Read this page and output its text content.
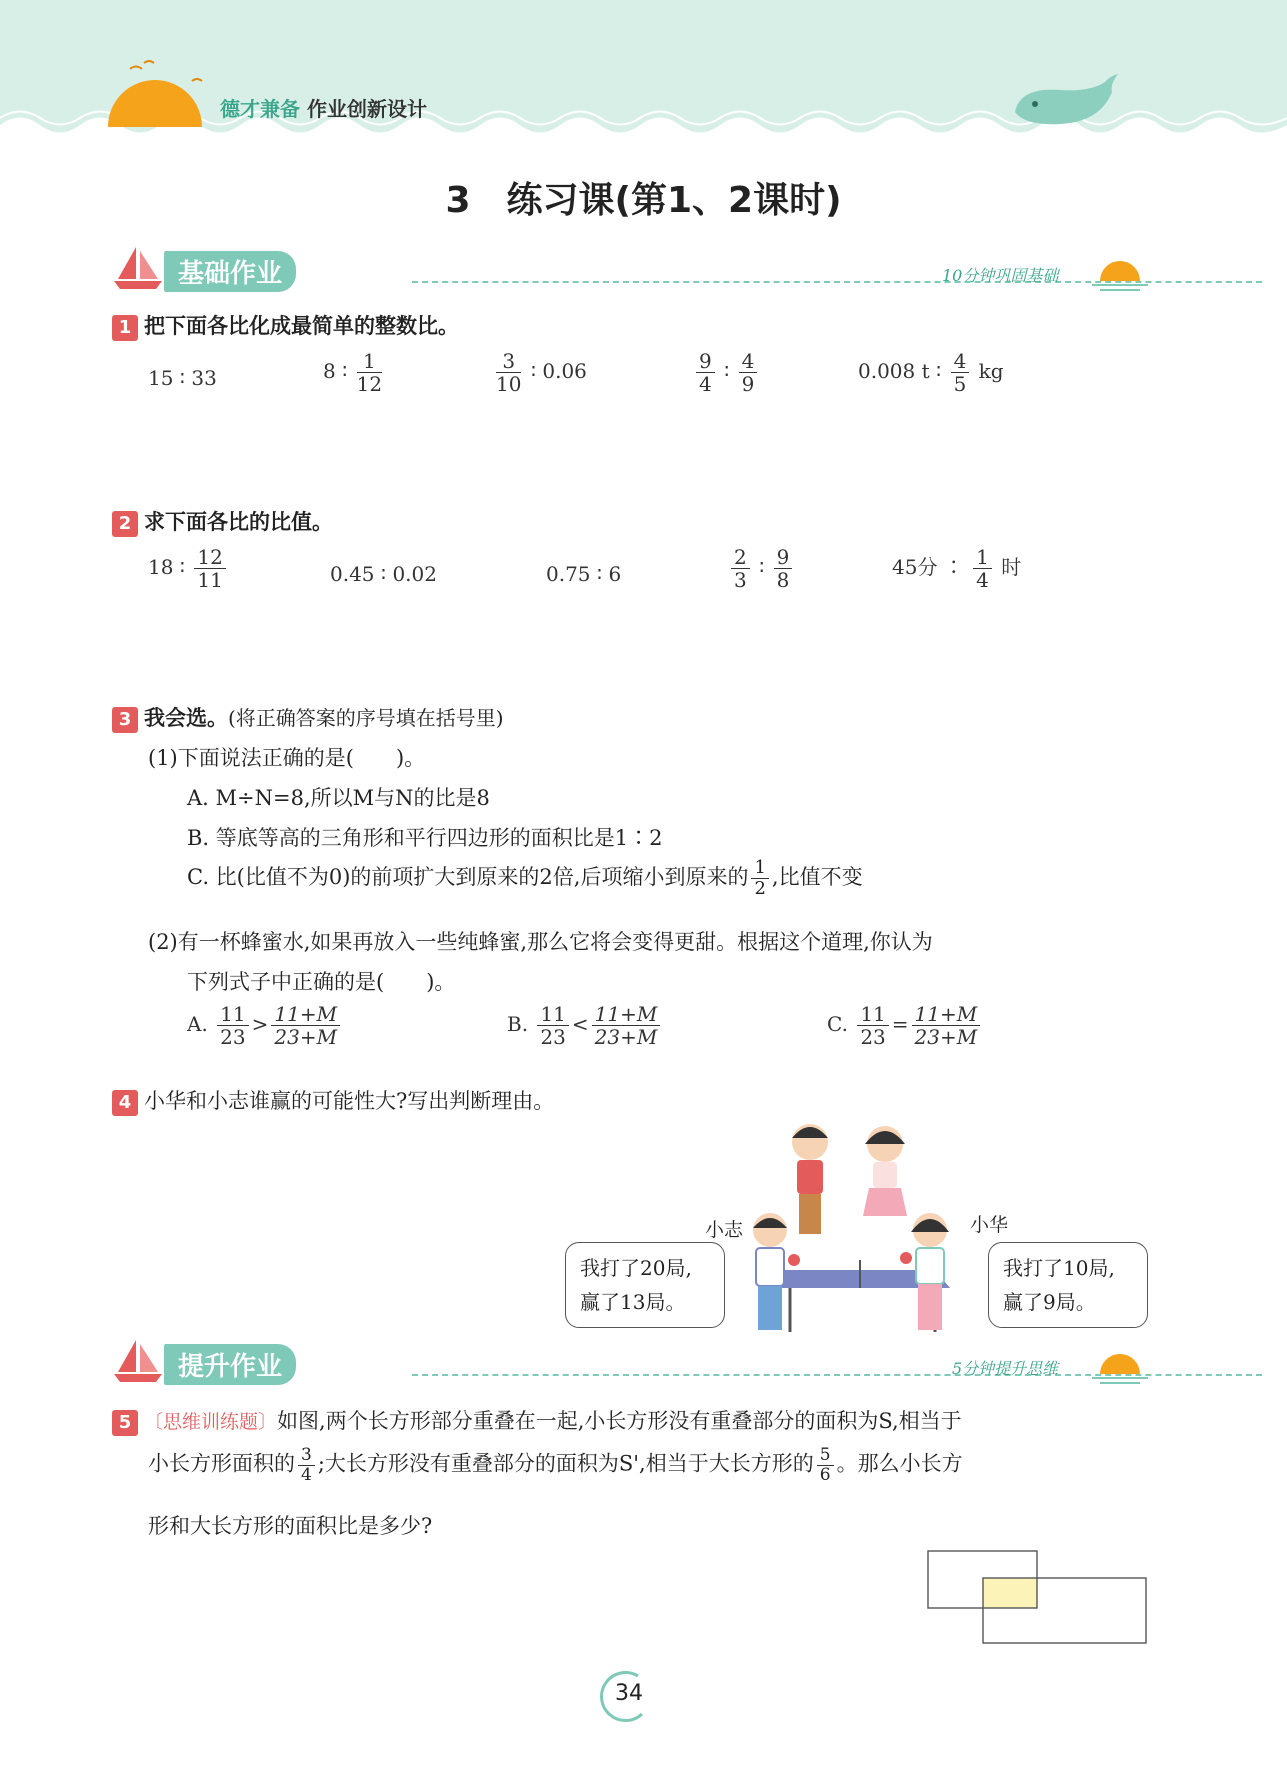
德才兼备 作业创新设计
3　练习课(第1、2课时)
基础作业	10分钟巩固基础
1 把下面各比化成最简单的整数比。
15 ∶ 33	8 ∶ $\frac{1}{12}$	$\frac{3}{10}$ ∶ 0.06	$\frac{9}{4}$ ∶ $\frac{4}{9}$	0.008 t ∶ $\frac{4}{5}$ kg
2 求下面各比的比值。
18 ∶ $\frac{12}{11}$	0.45 ∶ 0.02	0.75 ∶ 6	$\frac{2}{3}$ ∶ $\frac{9}{8}$	45分 ∶ $\frac{1}{4}$ 时
3 我会选。(将正确答案的序号填在括号里)
(1)下面说法正确的是(　　)。
A. M÷N=8,所以M与N的比是8
B. 等底等高的三角形和平行四边形的面积比是1∶2
C. 比(比值不为0)的前项扩大到原来的2倍,后项缩小到原来的 $\frac{1}{2}$ ,比值不变
(2)有一杯蜂蜜水,如果再放入一些纯蜂蜜,那么它将会变得更甜。根据这个道理,你认为
下列式子中正确的是(　　)。
A. $\frac{11}{23} > \frac{11+M}{23+M}$	B. $\frac{11}{23} < \frac{11+M}{23+M}$	C. $\frac{11}{23} = \frac{11+M}{23+M}$
4 小华和小志谁赢的可能性大?写出判断理由。
小志	小华
我打了20局,
赢了13局。
我打了10局,
赢了9局。
提升作业	5分钟提升思维
5 〔思维训练题〕如图,两个长方形部分重叠在一起,小长方形没有重叠部分的面积为S,相当于
小长方形面积的 $\frac{3}{4}$ ;大长方形没有重叠部分的面积为S',相当于大长方形的 $\frac{5}{6}$ 。那么小长方
形和大长方形的面积比是多少?
34
